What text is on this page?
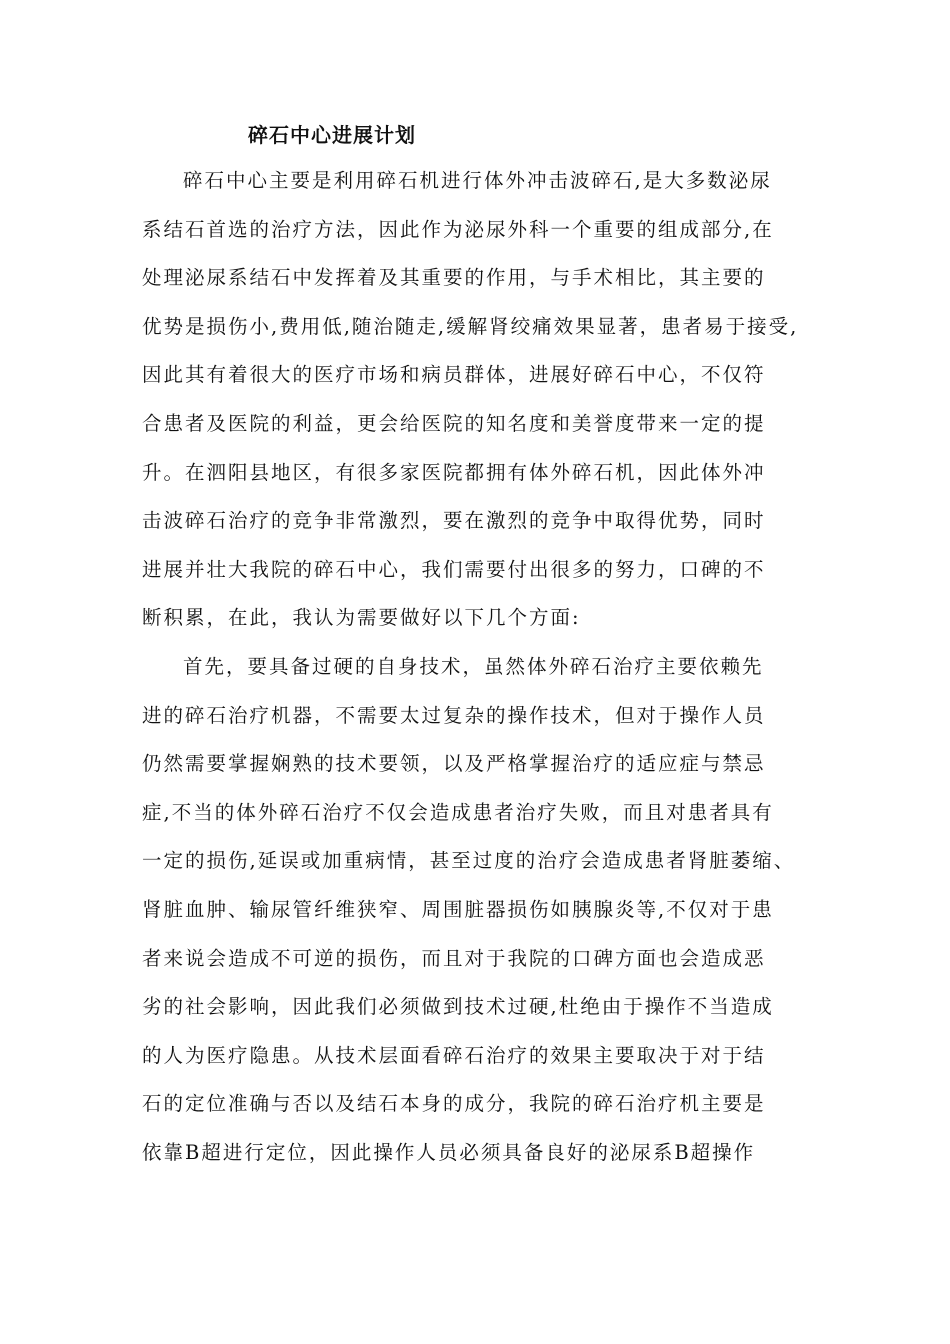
碎石中心进展计划
碎石中心主要是利用碎石机进行体外冲击波碎石,是大多数泌尿
系结石首选的治疗方法，因此作为泌尿外科一个重要的组成部分,在
处理泌尿系结石中发挥着及其重要的作用，与手术相比，其主要的
优势是损伤小,费用低,随治随走,缓解肾绞痛效果显著，患者易于接受,
因此其有着很大的医疗市场和病员群体，进展好碎石中心，不仅符
合患者及医院的利益，更会给医院的知名度和美誉度带来一定的提
升。在泗阳县地区，有很多家医院都拥有体外碎石机，因此体外冲
击波碎石治疗的竞争非常激烈，要在激烈的竞争中取得优势，同时
进展并壮大我院的碎石中心，我们需要付出很多的努力，口碑的不
断积累，在此，我认为需要做好以下几个方面:
首先，要具备过硬的自身技术，虽然体外碎石治疗主要依赖先
进的碎石治疗机器，不需要太过复杂的操作技术，但对于操作人员
仍然需要掌握娴熟的技术要领，以及严格掌握治疗的适应症与禁忌
症,不当的体外碎石治疗不仅会造成患者治疗失败，而且对患者具有
一定的损伤,延误或加重病情，甚至过度的治疗会造成患者肾脏萎缩、
肾脏血肿、输尿管纤维狭窄、周围脏器损伤如胰腺炎等,不仅对于患
者来说会造成不可逆的损伤，而且对于我院的口碑方面也会造成恶
劣的社会影响，因此我们必须做到技术过硬,杜绝由于操作不当造成
的人为医疗隐患。从技术层面看碎石治疗的效果主要取决于对于结
石的定位准确与否以及结石本身的成分，我院的碎石治疗机主要是
依靠B超进行定位，因此操作人员必须具备良好的泌尿系B超操作
